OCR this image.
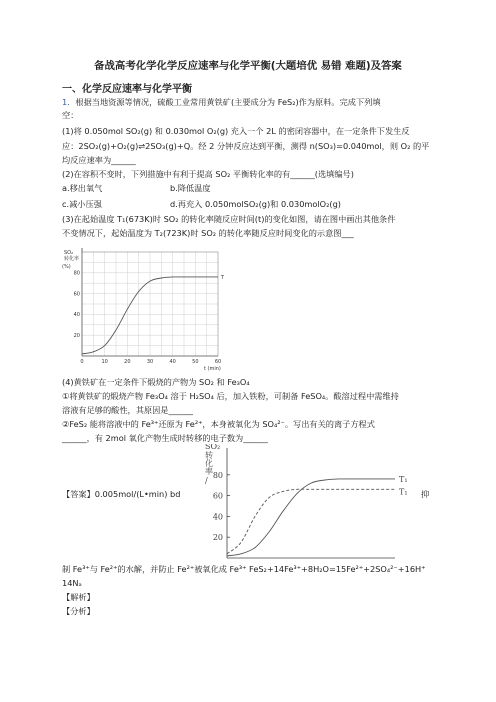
备战高考化学化学反应速率与化学平衡(大题培优 易错 难题)及答案
一、化学反应速率与化学平衡
1．根据当地资源等情况，硫酸工业常用黄铁矿(主要成分为 FeS₂)作为原料。完成下列填
空：
(1)将 0.050mol SO₂(g) 和 0.030mol O₂(g) 充入一个 2L 的密闭容器中，在一定条件下发生反
应：2SO₂(g)+O₂(g)⇌2SO₃(g)+Q。经 2 分钟反应达到平衡，测得 n(SO₃)=0.040mol，则 O₂ 的平
均反应速率为______
(2)在容积不变时，下列措施中有利于提高 SO₂ 平衡转化率的有______(选填编号)
a.移出氧气	b.降低温度
c.减小压强	d.再充入 0.050molSO₂(g)和 0.030molO₂(g)
(3)在起始温度 T₁(673K)时 SO₂ 的转化率随反应时间(t)的变化如图，请在图中画出其他条件
不变情况下，起始温度为 T₂(723K)时 SO₂ 的转化率随反应时间变化的示意图___
0	10	20	30	40	50	60
20
40
60
80
T
SO₂
转化率
(%)
t (min)
(4)黄铁矿在一定条件下煅烧的产物为 SO₂ 和 Fe₃O₄
①将黄铁矿的煅烧产物 Fe₃O₄ 溶于 H₂SO₄ 后，加入铁粉，可制备 FeSO₄。酸溶过程中需维持
溶液有足够的酸性，其原因是______
②FeS₂ 能将溶液中的 Fe³⁺还原为 Fe²⁺，本身被氧化为 SO₄²⁻。写出有关的离子方程式
______，有 2mol 氧化产物生成时转移的电子数为______
20
40
60
80	T₁
T₁
SO₂
转
化
率
/
【答案】0.005mol/(L•min) bd	抑
制 Fe³⁺与 Fe²⁺的水解，并防止 Fe²⁺被氧化成 Fe³⁺ FeS₂+14Fe³⁺+8H₂O=15Fe²⁺+2SO₄²⁻+16H⁺
14Nₐ
【解析】
【分析】
